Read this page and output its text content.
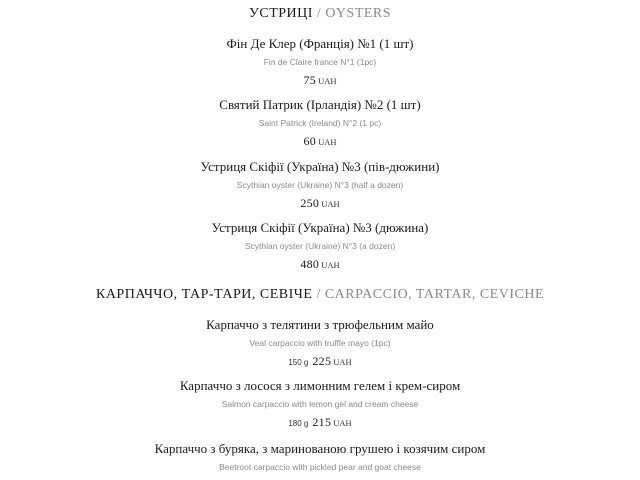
УСТРИЦІ / OYSTERS
Фін Де Клер (Франція) №1 (1 шт)
Fin de Claire france N°1 (1pc)
75 UAH
Святий Патрик (Ірландія) №2 (1 шт)
Saint Patrick (Ireland) N°2 (1 pc)
60 UAH
Устриця Скіфії (Україна) №3 (пів-дюжини)
Scythian oyster (Ukraine) N°3 (half a dozen)
250 UAH
Устриця Скіфії (Україна) №3 (дюжина)
Scythian oyster (Ukraine) N°3 (a dozen)
480 UAH
КАРПАЧЧО, ТАР-ТАРИ, СЕВІЧЕ / CARPACCIO, TARTAR, CEVICHE
Карпаччо з телятини з трюфельним майо
Veal carpaccio with truffle mayo (1pc)
150 g 225 UAH
Карпаччо з лосося з лимонним гелем і крем-сиром
Salmon carpaccio with lemon gel and cream cheese
180 g 215 UAH
Карпаччо з буряка, з маринованою грушею і козячим сиром
Beetroot carpaccio with pickled pear and goat cheese
